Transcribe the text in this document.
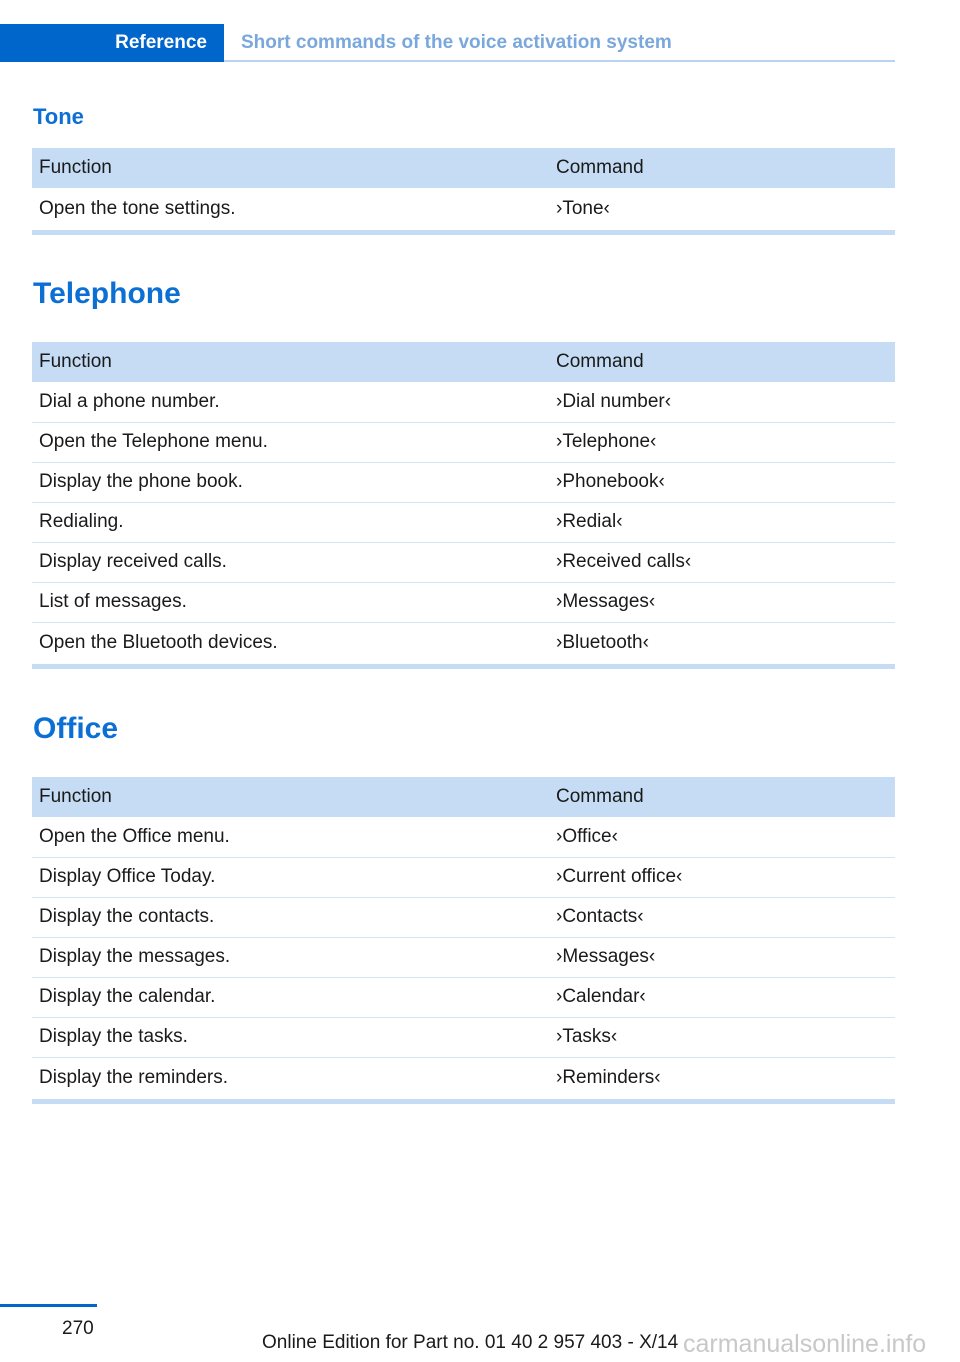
Reference	Short commands of the voice activation system
Tone
Function	Command
Open the tone settings.	›Tone‹
Telephone
Function	Command
Dial a phone number.	›Dial number‹
Open the Telephone menu.	›Telephone‹
Display the phone book.	›Phonebook‹
Redialing.	›Redial‹
Display received calls.	›Received calls‹
List of messages.	›Messages‹
Open the Bluetooth devices.	›Bluetooth‹
Office
Function	Command
Open the Office menu.	›Office‹
Display Office Today.	›Current office‹
Display the contacts.	›Contacts‹
Display the messages.	›Messages‹
Display the calendar.	›Calendar‹
Display the tasks.	›Tasks‹
Display the reminders.	›Reminders‹
270
Online Edition for Part no. 01 40 2 957 403 - X/14 carmanualsonline.info
